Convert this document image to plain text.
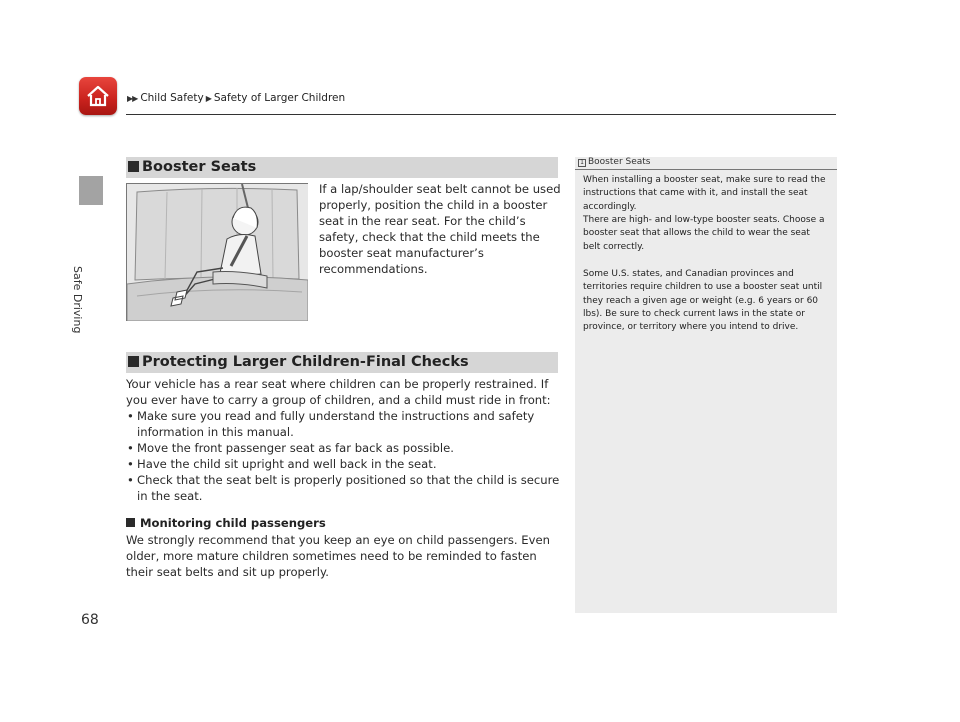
▶▶ Child Safety ▶ Safety of Larger Children
Safe Driving
Booster Seats
If a lap/shoulder seat belt cannot be used properly, position the child in a booster seat in the rear seat. For the child’s safety, check that the child meets the booster seat manufacturer’s recommendations.
Protecting Larger Children-Final Checks
Your vehicle has a rear seat where children can be properly restrained. If you ever have to carry a group of children, and a child must ride in front:
• Make sure you read and fully understand the instructions and safety information in this manual.
• Move the front passenger seat as far back as possible.
• Have the child sit upright and well back in the seat.
• Check that the seat belt is properly positioned so that the child is secure in the seat.
Monitoring child passengers
We strongly recommend that you keep an eye on child passengers. Even older, more mature children sometimes need to be reminded to fasten their seat belts and sit up properly.
1 Booster Seats

When installing a booster seat, make sure to read the instructions that came with it, and install the seat accordingly.

There are high- and low-type booster seats. Choose a booster seat that allows the child to wear the seat belt correctly.

Some U.S. states, and Canadian provinces and territories require children to use a booster seat until they reach a given age or weight (e.g. 6 years or 60 lbs). Be sure to check current laws in the state or province, or territory where you intend to drive.

68
